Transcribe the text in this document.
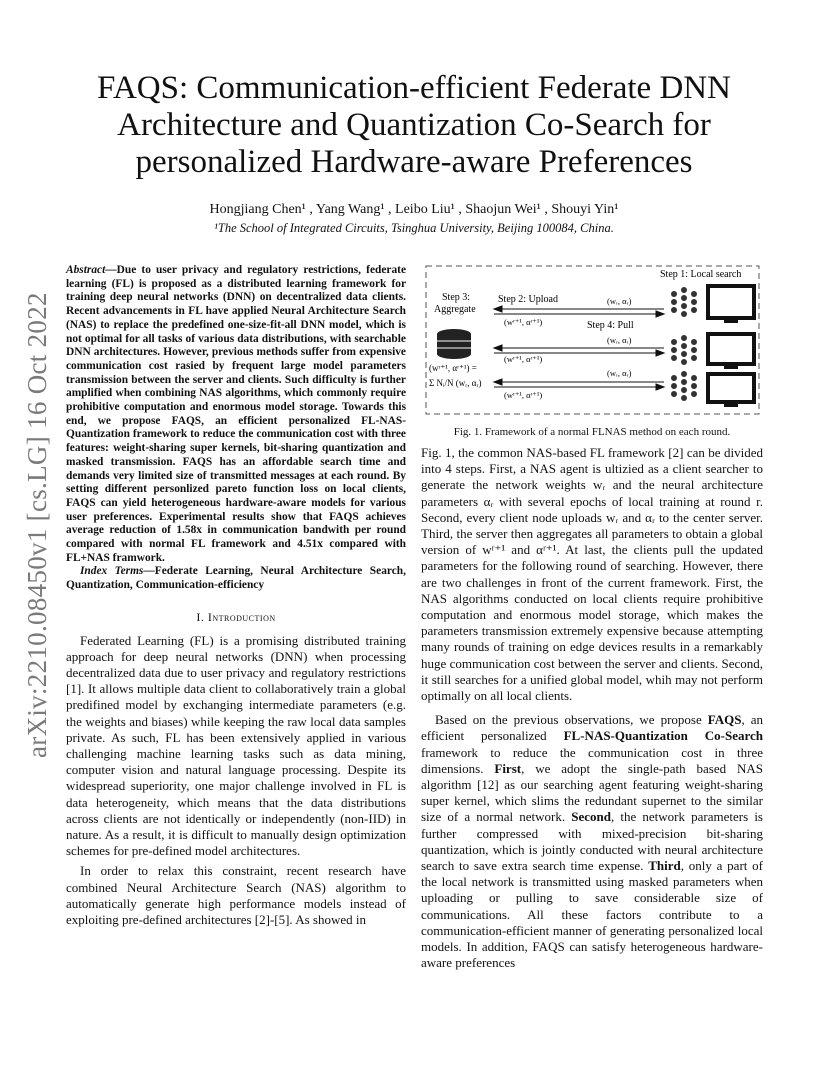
FAQS: Communication-efficient Federate DNN
Architecture and Quantization Co-Search for
personalized Hardware-aware Preferences
Hongjiang Chen¹ , Yang Wang¹ , Leibo Liu¹ , Shaojun Wei¹ , Shouyi Yin¹
¹The School of Integrated Circuits, Tsinghua University, Beijing 100084, China.
arXiv:2210.08450v1 [cs.LG] 16 Oct 2022

Abstract—Due to user privacy and regulatory restrictions, federate learning (FL) is proposed as a distributed learning framework for training deep neural networks (DNN) on decentralized data clients. Recent advancements in FL have applied Neural Architecture Search (NAS) to replace the predefined one-size-fit-all DNN model, which is not optimal for all tasks of various data distributions, with searchable DNN architectures. However, previous methods suffer from expensive communication cost rasied by frequent large model parameters transmission between the server and clients. Such difficulty is further amplified when combining NAS algorithms, which commonly require prohibitive computation and enormous model storage. Towards this end, we propose FAQS, an efficient personalized FL-NAS-Quantization framework to reduce the communication cost with three features: weight-sharing super kernels, bit-sharing quantization and masked transmission. FAQS has an affordable search time and demands very limited size of transmitted messages at each round. By setting different personlized pareto function loss on local clients, FAQS can yield heterogeneous hardware-aware models for various user preferences. Experimental results show that FAQS achieves average reduction of 1.58x in communication bandwith per round compared with normal FL framework and 4.51x compared with FL+NAS framwork.

Index Terms—Federate Learning, Neural Architecture Search, Quantization, Communication-efficiency

I. Introduction

Federated Learning (FL) is a promising distributed training approach for deep neural networks (DNN) when processing decentralized data due to user privacy and regulatory restrictions [1]. It allows multiple data client to collaboratively train a global predifined model by exchanging intermediate parameters (e.g. the weights and biases) while keeping the raw local data samples private. As such, FL has been extensively applied in various challenging machine learning tasks such as data mining, computer vision and natural language processing. Despite its widespread superiority, one major challenge involved in FL is data heterogeneity, which means that the data distributions across clients are not identically or independently (non-IID) in nature. As a result, it is difficult to manually design optimization schemes for pre-defined model architectures.

In order to relax this constraint, recent research have combined Neural Architecture Search (NAS) algorithm to automatically generate high performance models instead of exploiting pre-defined architectures [2]-[5]. As showed in

Step 1: Local search
Step 3:
Aggregate
Step 2: Upload
Step 4: Pull
(wʳ⁺¹, αʳ⁺¹) =
Σ Nᵢ/N (wᵣ, αᵣ)
(wᵣ, αᵣ)
(wʳ⁺¹, αʳ⁺¹)
(wᵣ, αᵣ)
(wʳ⁺¹, αʳ⁺¹)
(wᵣ, αᵣ)
(wʳ⁺¹, αʳ⁺¹)
Fig. 1. Framework of a normal FLNAS method on each round.

Fig. 1, the common NAS-based FL framework [2] can be divided into 4 steps. First, a NAS agent is ultizied as a client searcher to generate the network weights wᵣ and the neural architecture parameters αᵣ with several epochs of local training at round r. Second, every client node uploads wᵣ and αᵣ to the center server. Third, the server then aggregates all parameters to obtain a global version of wʳ⁺¹ and αʳ⁺¹. At last, the clients pull the updated parameters for the following round of searching. However, there are two challenges in front of the current framework. First, the NAS algorithms conducted on local clients require prohibitive computation and enormous model storage, which makes the parameters transmission extremely expensive because attempting many rounds of training on edge devices results in a remarkably huge communication cost between the server and clients. Second, it still searches for a unified global model, whih may not perform optimally on all local clients.

Based on the previous observations, we propose FAQS, an efficient personalized FL-NAS-Quantization Co-Search framework to reduce the communication cost in three dimensions. First, we adopt the single-path based NAS algorithm [12] as our searching agent featuring weight-sharing super kernel, which slims the redundant supernet to the similar size of a normal network. Second, the network parameters is further compressed with mixed-precision bit-sharing quantization, which is jointly conducted with neural architecture search to save extra search time expense. Third, only a part of the local network is transmitted using masked parameters when uploading or pulling to save considerable size of communications. All these factors contribute to a communication-efficient manner of generating personalized local models. In addition, FAQS can satisfy heterogeneous hardware-aware preferences
